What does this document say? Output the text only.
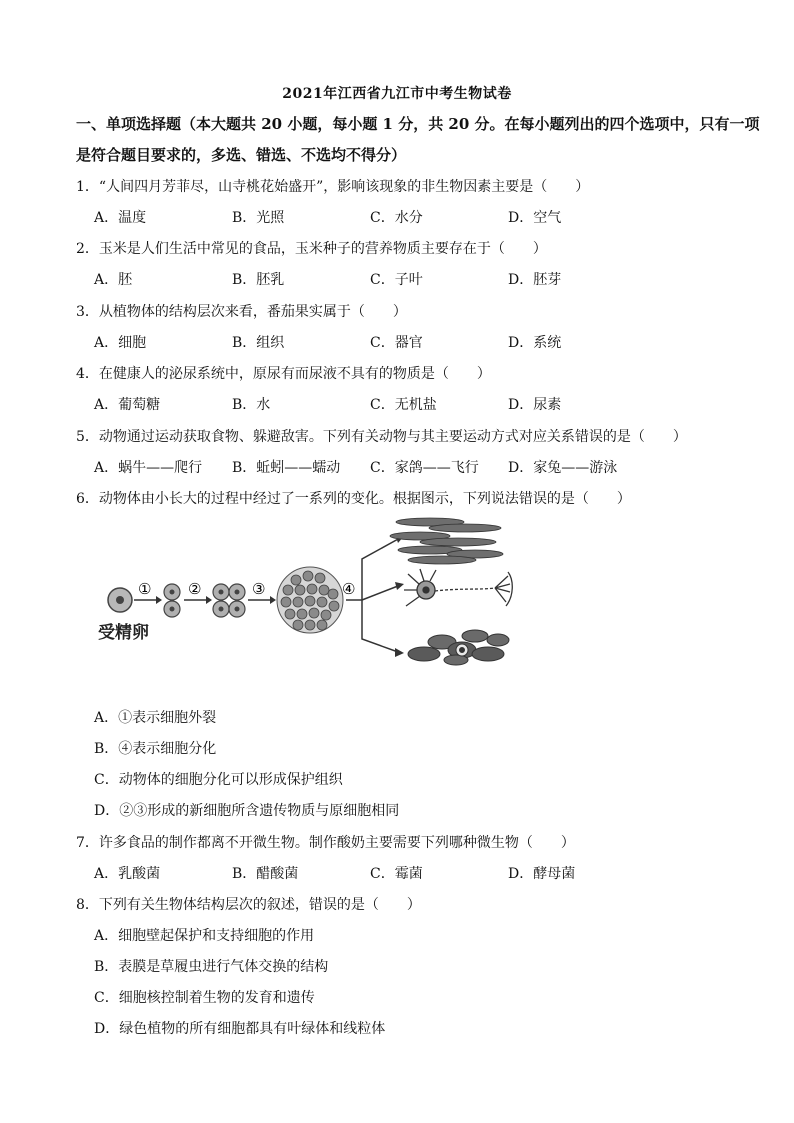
2021年江西省九江市中考生物试卷
一、单项选择题（本大题共 20 小题，每小题 1 分，共 20 分。在每小题列出的四个选项中，只有一项是符合题目要求的，多选、错选、不选均不得分）
1．“人间四月芳菲尽，山寺桃花始盛开”，影响该现象的非生物因素主要是（　　）
A．温度	B．光照	C．水分	D．空气
2．玉米是人们生活中常见的食品，玉米种子的营养物质主要存在于（　　）
A．胚	B．胚乳	C．子叶	D．胚芽
3．从植物体的结构层次来看，番茄果实属于（　　）
A．细胞	B．组织	C．器官	D．系统
4．在健康人的泌尿系统中，原尿有而尿液不具有的物质是（　　）
A．葡萄糖	B．水	C．无机盐	D．尿素
5．动物通过运动获取食物、躲避敌害。下列有关动物与其主要运动方式对应关系错误的是（　　）
A．蜗牛——爬行	B．蚯蚓——蠕动	C．家鸽——飞行	D．家兔——游泳
6．动物体由小长大的过程中经过了一系列的变化。根据图示，下列说法错误的是（　　）
受精卵
① ②	③	④
A．①表示细胞外裂
B．④表示细胞分化
C．动物体的细胞分化可以形成保护组织
D．②③形成的新细胞所含遗传物质与原细胞相同
7．许多食品的制作都离不开微生物。制作酸奶主要需要下列哪种微生物（　　）
A．乳酸菌	B．醋酸菌	C．霉菌	D．酵母菌
8．下列有关生物体结构层次的叙述，错误的是（　　）
A．细胞壁起保护和支持细胞的作用
B．表膜是草履虫进行气体交换的结构
C．细胞核控制着生物的发育和遗传
D．绿色植物的所有细胞都具有叶绿体和线粒体
